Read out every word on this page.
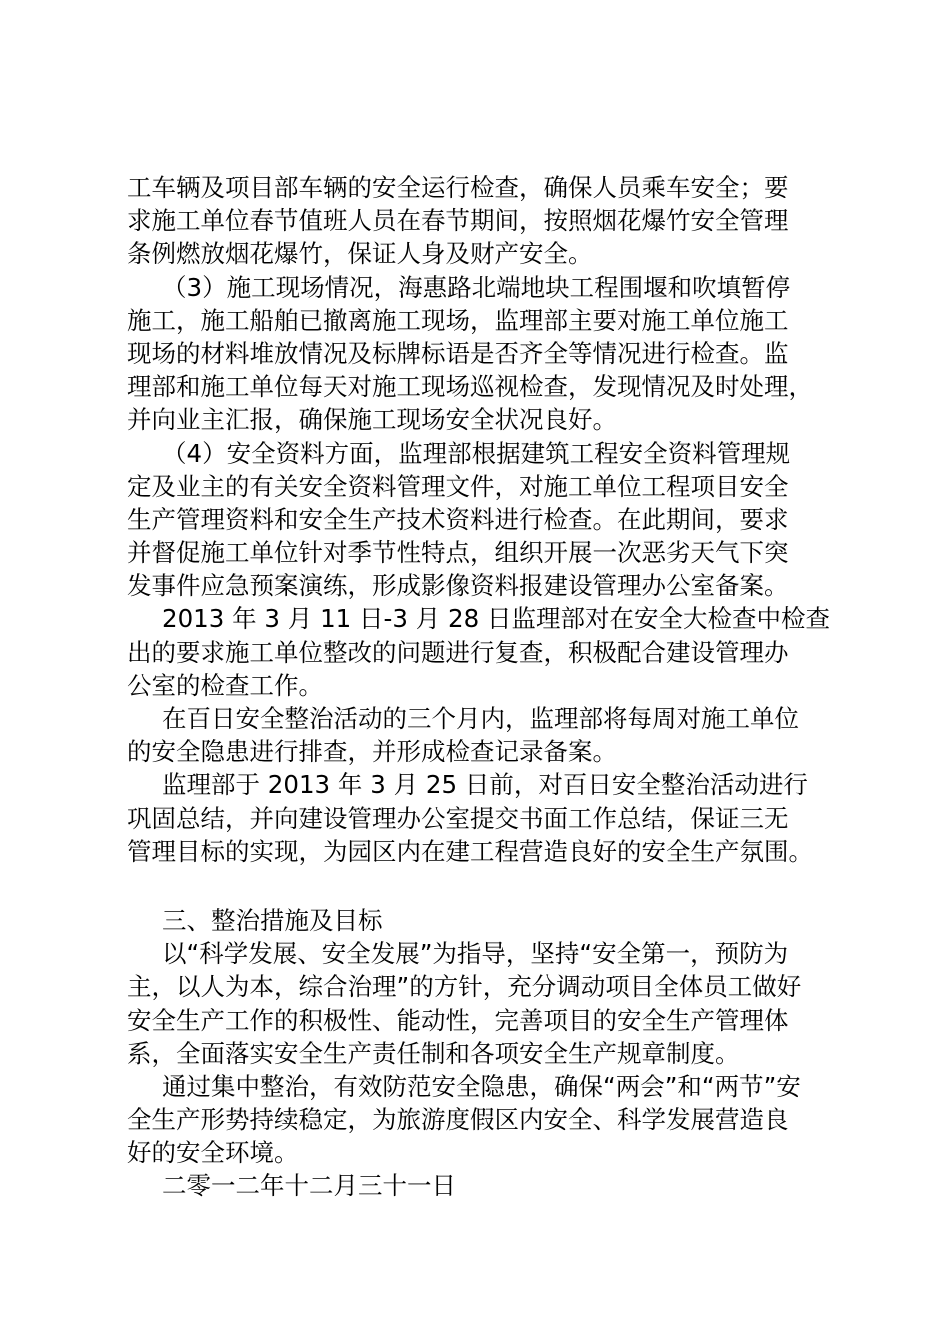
工车辆及项目部车辆的安全运行检查，确保人员乘车安全；要
求施工单位春节值班人员在春节期间，按照烟花爆竹安全管理
条例燃放烟花爆竹，保证人身及财产安全。
（3）施工现场情况，海惠路北端地块工程围堰和吹填暂停
施工，施工船舶已撤离施工现场，监理部主要对施工单位施工
现场的材料堆放情况及标牌标语是否齐全等情况进行检查。监
理部和施工单位每天对施工现场巡视检查，发现情况及时处理，
并向业主汇报，确保施工现场安全状况良好。
（4）安全资料方面，监理部根据建筑工程安全资料管理规
定及业主的有关安全资料管理文件，对施工单位工程项目安全
生产管理资料和安全生产技术资料进行检查。在此期间，要求
并督促施工单位针对季节性特点，组织开展一次恶劣天气下突
发事件应急预案演练，形成影像资料报建设管理办公室备案。
2013 年 3 月 11 日-3 月 28 日监理部对在安全大检查中检查
出的要求施工单位整改的问题进行复查，积极配合建设管理办
公室的检查工作。
在百日安全整治活动的三个月内，监理部将每周对施工单位
的安全隐患进行排查，并形成检查记录备案。
监理部于 2013 年 3 月 25 日前，对百日安全整治活动进行
巩固总结，并向建设管理办公室提交书面工作总结，保证三无
管理目标的实现，为园区内在建工程营造良好的安全生产氛围。
三、整治措施及目标
以“科学发展、安全发展”为指导，坚持“安全第一，预防为
主，以人为本，综合治理”的方针，充分调动项目全体员工做好
安全生产工作的积极性、能动性，完善项目的安全生产管理体
系，全面落实安全生产责任制和各项安全生产规章制度。
通过集中整治，有效防范安全隐患，确保“两会”和“两节”安
全生产形势持续稳定，为旅游度假区内安全、科学发展营造良
好的安全环境。
二零一二年十二月三十一日
